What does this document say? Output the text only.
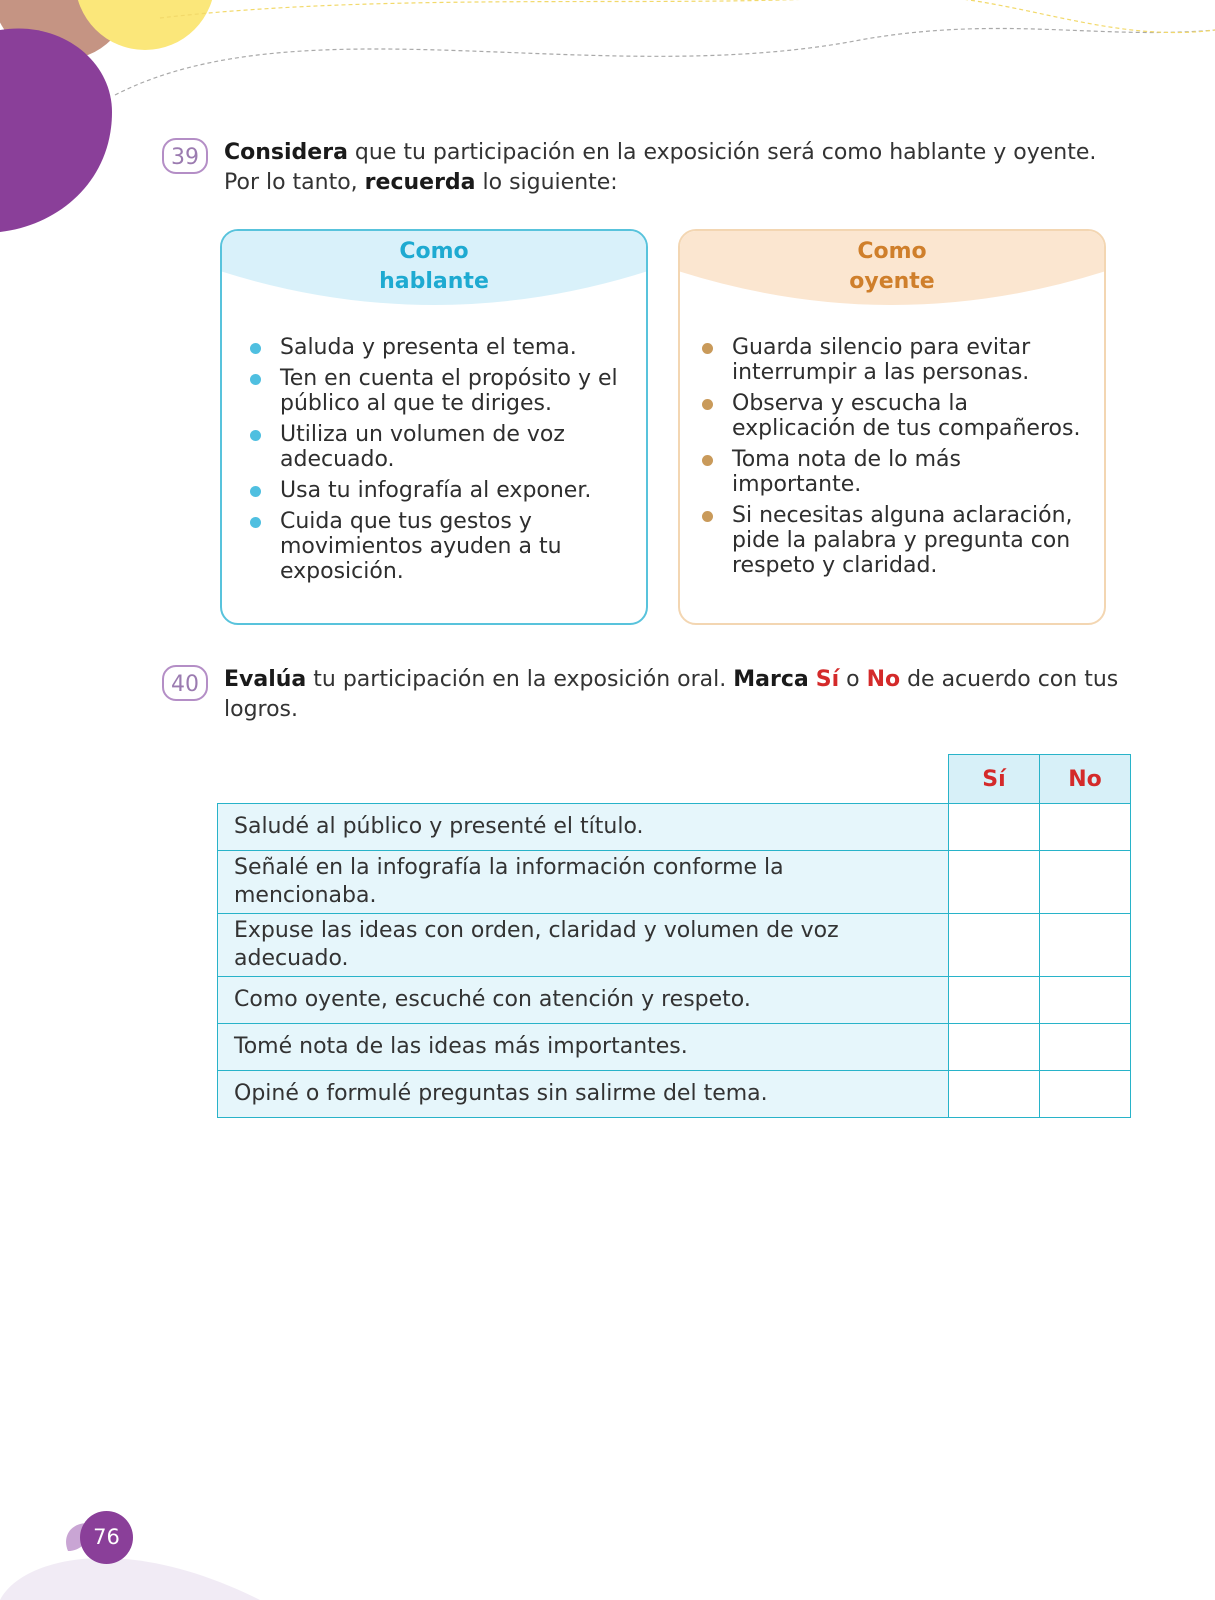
39	Considera que tu participación en la exposición será como hablante y oyente.
Por lo tanto, recuerda lo siguiente:
Como
hablante
Saluda y presenta el tema.
Ten en cuenta el propósito y el público al que te diriges.
Utiliza un volumen de voz adecuado.
Usa tu infografía al exponer.
Cuida que tus gestos y movimientos ayuden a tu exposición.
Como
oyente
Guarda silencio para evitar interrumpir a las personas.
Observa y escucha la explicación de tus compañeros.
Toma nota de lo más importante.
Si necesitas alguna aclaración, pide la palabra y pregunta con respeto y claridad.
40	Evalúa tu participación en la exposición oral. Marca Sí o No de acuerdo con tus logros.
	Sí	No
Saludé al público y presenté el título.		
Señalé en la infografía la información conforme la mencionaba.		
Expuse las ideas con orden, claridad y volumen de voz adecuado.		
Como oyente, escuché con atención y respeto.		
Tomé nota de las ideas más importantes.		
Opiné o formulé preguntas sin salirme del tema.		
76
